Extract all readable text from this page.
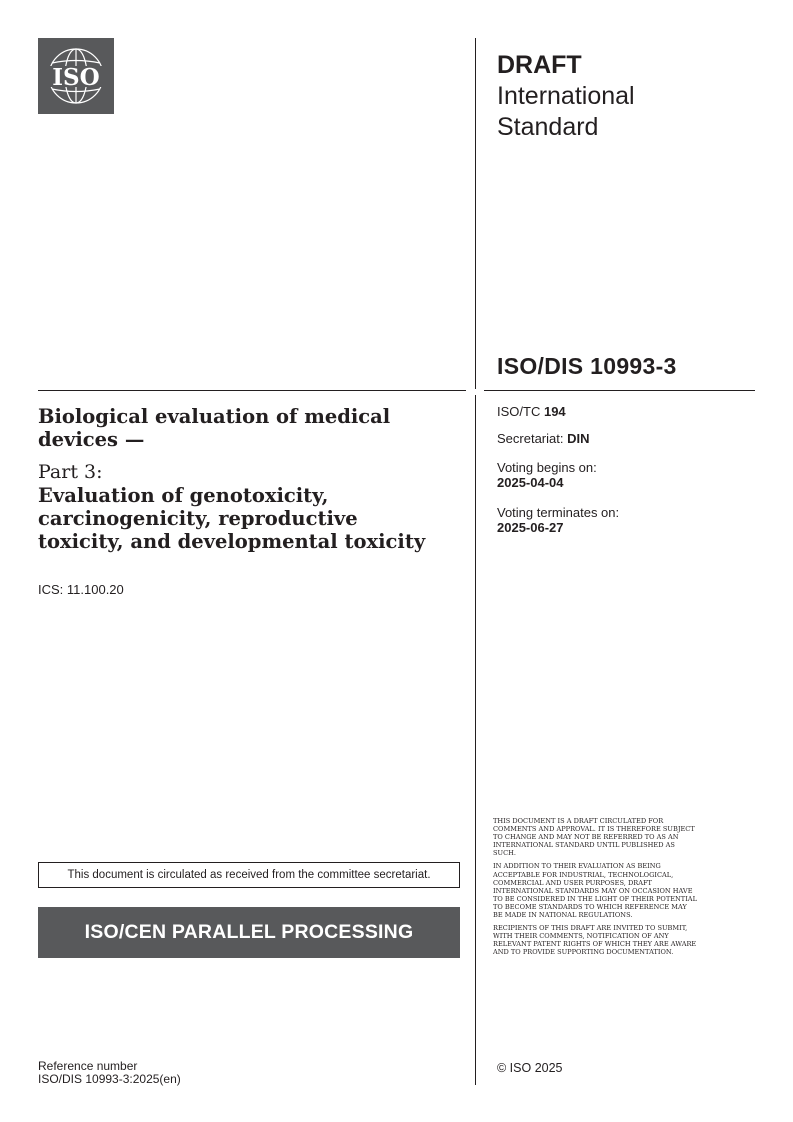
ISO	DRAFT
International
Standard
ISO/DIS 10993-3
ISO/TC 194
Secretariat: DIN
Voting begins on:
2025-04-04
Voting terminates on:
2025-06-27
Biological evaluation of medical
devices —
Part 3:
Evaluation of genotoxicity,
carcinogenicity, reproductive
toxicity, and developmental toxicity
ICS: 11.100.20
This document is circulated as received from the committee secretariat.
ISO/CEN PARALLEL PROCESSING
Reference number
ISO/DIS 10993-3:2025(en)

THIS DOCUMENT IS A DRAFT CIRCULATED FOR COMMENTS AND APPROVAL. IT IS THEREFORE SUBJECT TO CHANGE AND MAY NOT BE REFERRED TO AS AN INTERNATIONAL STANDARD UNTIL PUBLISHED AS SUCH.

IN ADDITION TO THEIR EVALUATION AS BEING ACCEPTABLE FOR INDUSTRIAL, TECHNOLOGICAL, COMMERCIAL AND USER PURPOSES, DRAFT INTERNATIONAL STANDARDS MAY ON OCCASION HAVE TO BE CONSIDERED IN THE LIGHT OF THEIR POTENTIAL TO BECOME STANDARDS TO WHICH REFERENCE MAY BE MADE IN NATIONAL REGULATIONS.

RECIPIENTS OF THIS DRAFT ARE INVITED TO SUBMIT, WITH THEIR COMMENTS, NOTIFICATION OF ANY RELEVANT PATENT RIGHTS OF WHICH THEY ARE AWARE AND TO PROVIDE SUPPORTING DOCUMENTATION.

© ISO 2025
